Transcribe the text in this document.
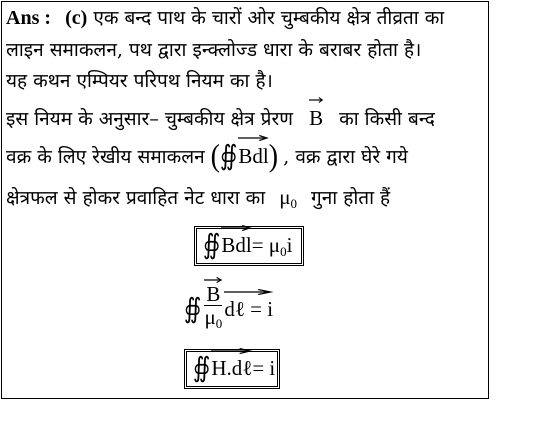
Ans : (c) एक बन्द पाथ के चारों ओर चुम्बकीय क्षेत्र तीव्रता का
लाइन समाकलन, पथ द्वारा इन्क्लोज्ड धारा के बराबर होता है।
यह कथन एम्पियर परिपथ नियम का है।
इस नियम के अनुसार– चुम्बकीय क्षेत्र प्रेरण B का किसी बन्द
वक्र के लिए रेखीय समाकलन (∯
Bdl) , वक्र द्वारा घेरे गये
क्षेत्रफल से होकर प्रवाहित नेट धारा का $\mu_0$ गुना होता हैं
∯
$Bdl= \mu_0i$
∯ $\frac{B}{\mu_0}$ dℓ = i
∯
H.dℓ= i
